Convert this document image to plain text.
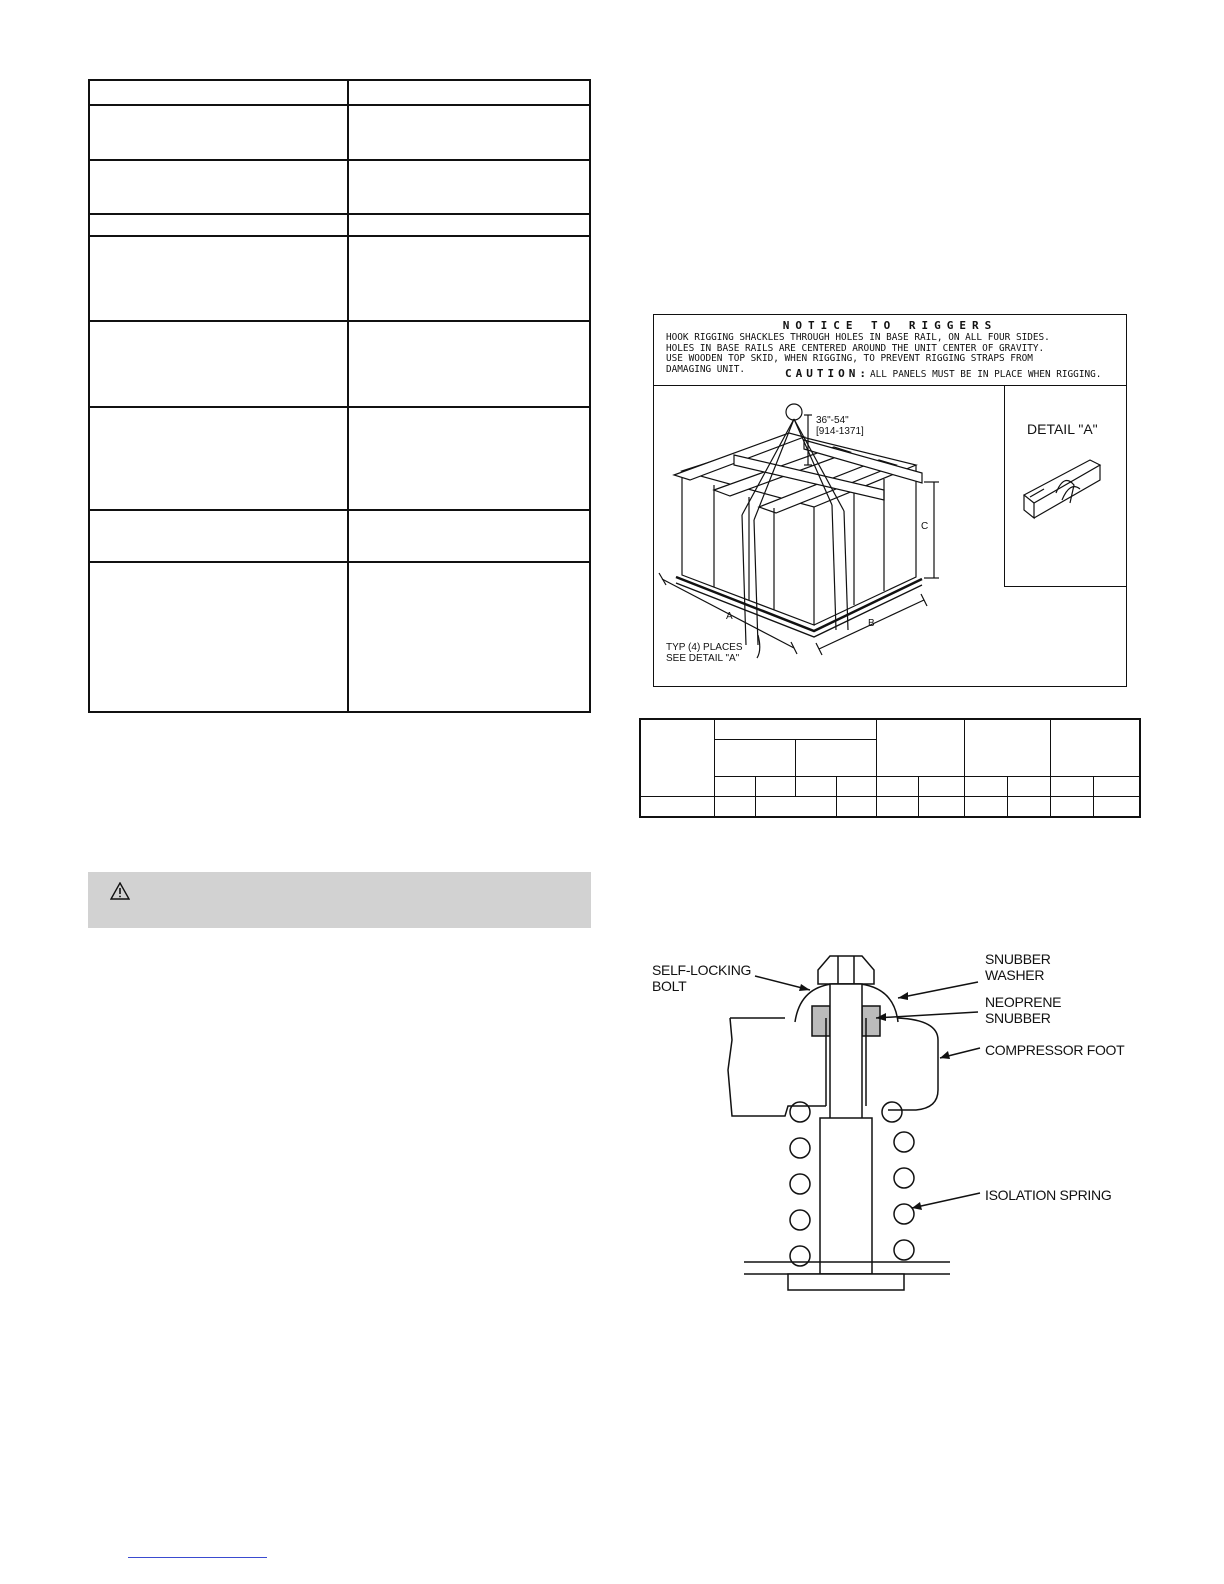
NOTICE TO RIGGERS
HOOK RIGGING SHACKLES THROUGH HOLES IN BASE RAIL, ON ALL FOUR SIDES.
HOLES IN BASE RAILS ARE CENTERED AROUND THE UNIT CENTER OF GRAVITY.
USE WOODEN TOP SKID, WHEN RIGGING, TO PREVENT RIGGING STRAPS FROM
DAMAGING UNIT.	CAUTION:ALL PANELS MUST BE IN PLACE WHEN RIGGING.
36"-54"
[914-1371]
C
A
B
TYP (4) PLACES
SEE DETAIL "A"
DETAIL "A"
SELF-LOCKING
BOLT
SNUBBER
WASHER
NEOPRENE
SNUBBER
COMPRESSOR FOOT
ISOLATION SPRING
